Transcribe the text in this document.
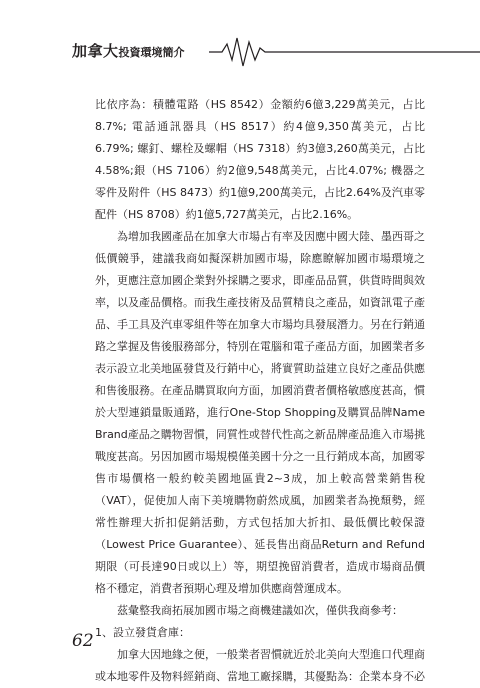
加拿大投資環境簡介

比依序為：積體電路（HS 8542）金額約6億3,229萬美元，占比8.7%; 電話通訊器具（HS 8517）約4億9,350萬美元，占比6.79%; 螺釘、螺栓及螺帽（HS 7318）約3億3,260萬美元，占比4.58%;銀（HS 7106）約2億9,548萬美元，占比4.07%; 機器之零件及附件（HS 8473）約1億9,200萬美元，占比2.64%及汽車零配件（HS 8708）約1億5,727萬美元，占比2.16%。

為增加我國產品在加拿大市場占有率及因應中國大陸、墨西哥之低價競爭，建議我商如擬深耕加國市場，除應瞭解加國市場環境之外，更應注意加國企業對外採購之要求，即產品品質，供貨時間與效率，以及產品價格。而我生產技術及品質精良之產品，如資訊電子產品、手工具及汽車零組件等在加拿大市場均具發展潛力。另在行銷通路之掌握及售後服務部分，特別在電腦和電子產品方面，加國業者多表示設立北美地區發貨及行銷中心，將實質助益建立良好之產品供應和售後服務。在產品購買取向方面，加國消費者價格敏感度甚高，慣於大型連鎖量販通路，進行One-Stop Shopping及購買品牌Name Brand產品之購物習慣，同質性或替代性高之新品牌產品進入市場挑戰度甚高。另因加國市場規模僅美國十分之一且行銷成本高，加國零售市場價格一般約較美國地區貴2~3成，加上較高營業銷售稅（VAT），促使加人南下美境購物蔚然成風，加國業者為挽頹勢，經常性辦理大折扣促銷活動，方式包括加大折扣、最低價比較保證（Lowest Price Guarantee）、延長售出商品Return and Refund期限（可長達90日或以上）等，期望挽留消費者，造成市場商品價格不穩定，消費者預期心理及增加供應商營運成本。

茲彙整我商拓展加國市場之商機建議如次，僅供我商參考：

1、設立發貨倉庫：

加拿大因地緣之便，一般業者習慣就近於北美向大型進口代理商或本地零件及物料經銷商、當地工廠採購，其優點為：企業本身不必

62
